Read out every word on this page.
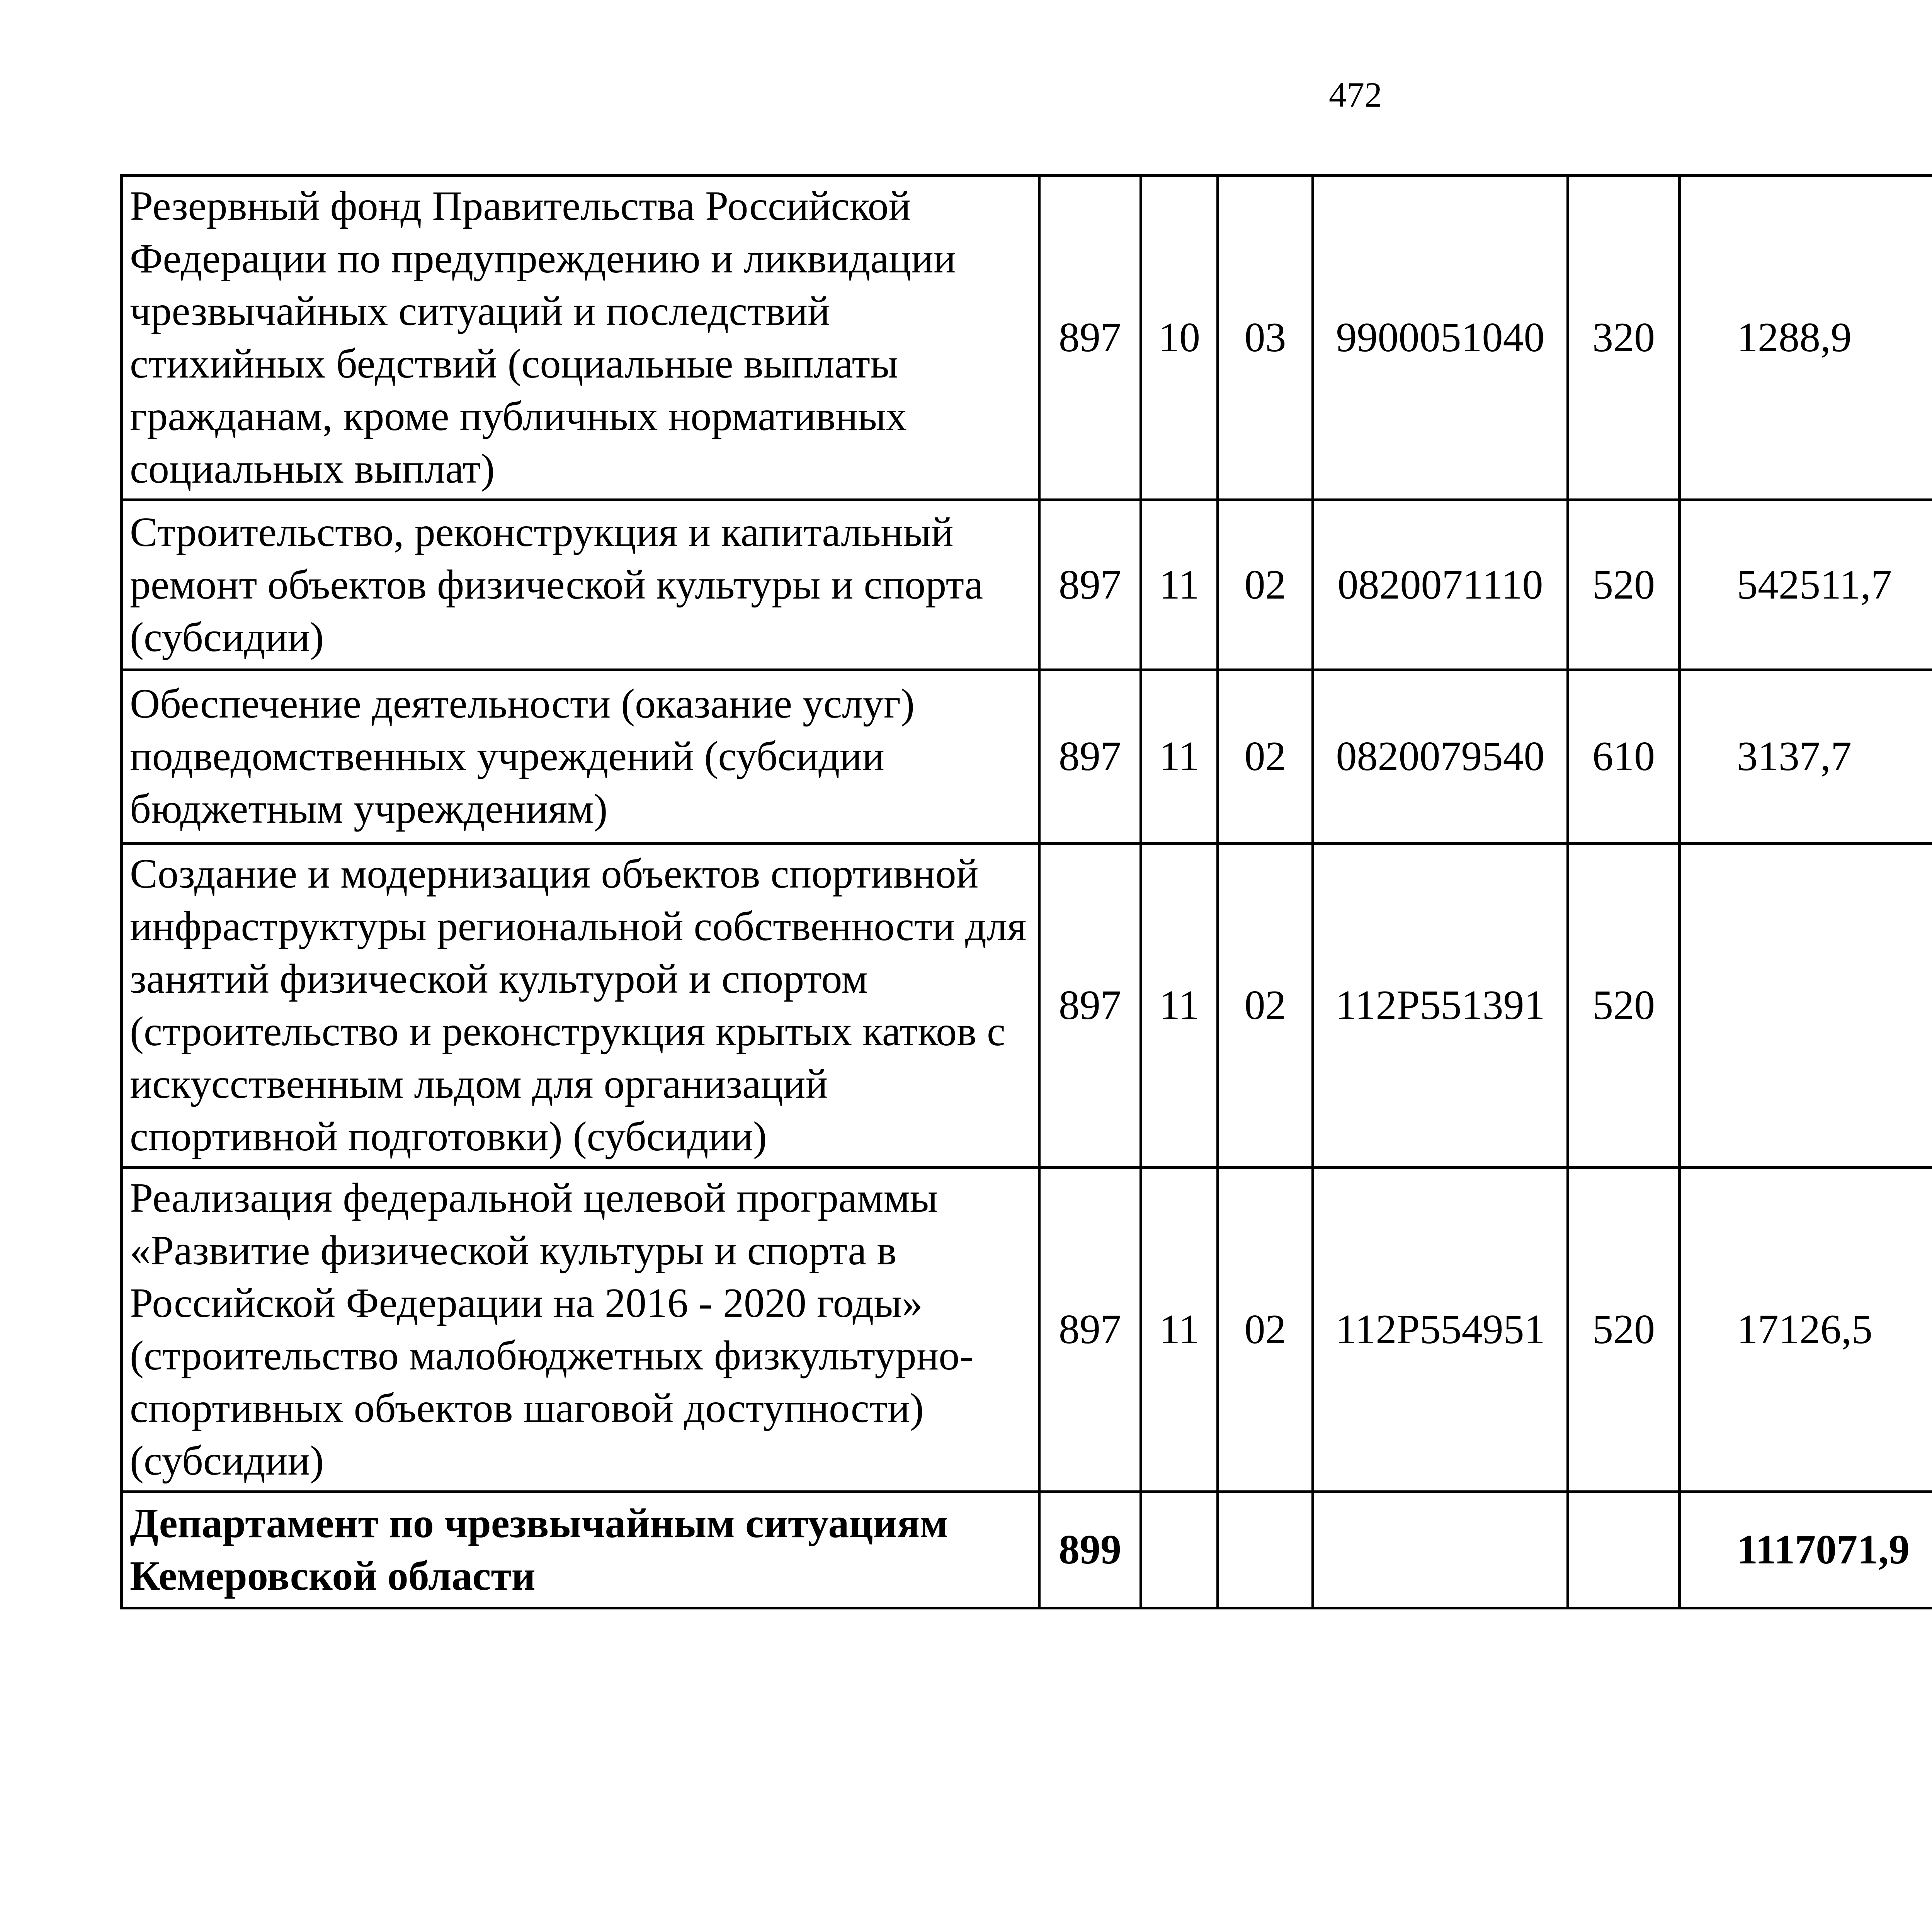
472
Резервный фонд Правительства Российской Федерации по предупреждению и ликвидации чрезвычайных ситуаций и последствий стихийных бедствий (социальные выплаты гражданам, кроме публичных нормативных социальных выплат)	897	10	03	9900051040	320	1288,9		
Строительство, реконструкция и капитальный ремонт объектов физической культуры и спорта (субсидии)	897	11	02	0820071110	520	542511,7		
Обеспечение деятельности (оказание услуг) подведомственных учреждений (субсидии бюджетным учреждениям)	897	11	02	0820079540	610	3137,7		
Создание и модернизация объектов спортивной инфраструктуры региональной собственности для занятий физической культурой и спортом (строительство и реконструкция крытых катков с искусственным льдом для организаций спортивной подготовки) (субсидии)	897	11	02	112P551391	520			
Реализация федеральной целевой программы «Развитие физической культуры и спорта в Российской Федерации на 2016 - 2020 годы» (строительство малобюджетных физкультурно-спортивных объектов шаговой доступности) (субсидии)	897	11	02	112P554951	520	17126,5		
Департамент по чрезвычайным ситуациям Кемеровской области	899					1117071,9		
